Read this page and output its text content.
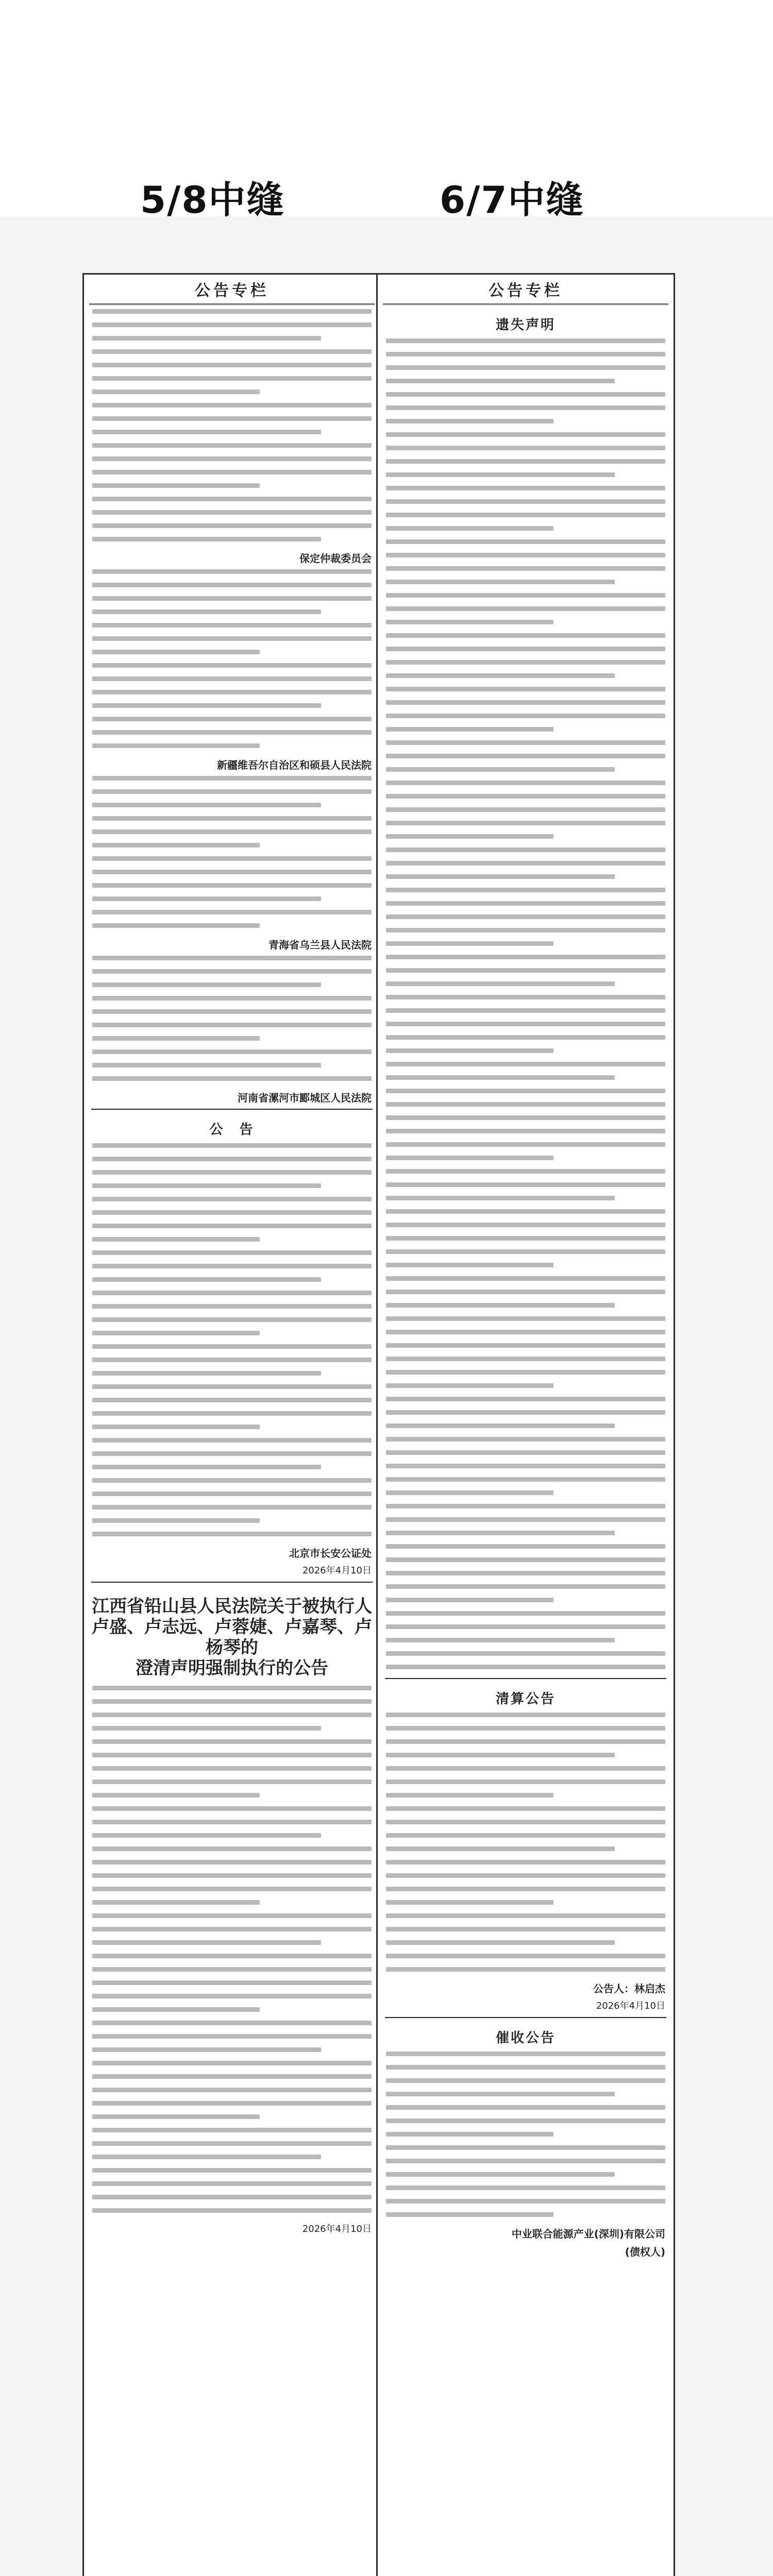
5/8中缝	6/7中缝
公告专栏
保定仲裁委员会
新疆维吾尔自治区和硕县人民法院
青海省乌兰县人民法院
河南省漯河市郾城区人民法院
公　告
北京市长安公证处
2026年4月10日
江西省铅山县人民法院关于被执行人卢盛、卢志远、卢蓉婕、卢嘉琴、卢杨琴的
澄清声明强制执行的公告
2026年4月10日
公告专栏
遗失声明
清算公告
公告人：林启杰
2026年4月10日
催收公告
中业联合能源产业(深圳)有限公司
(债权人)
